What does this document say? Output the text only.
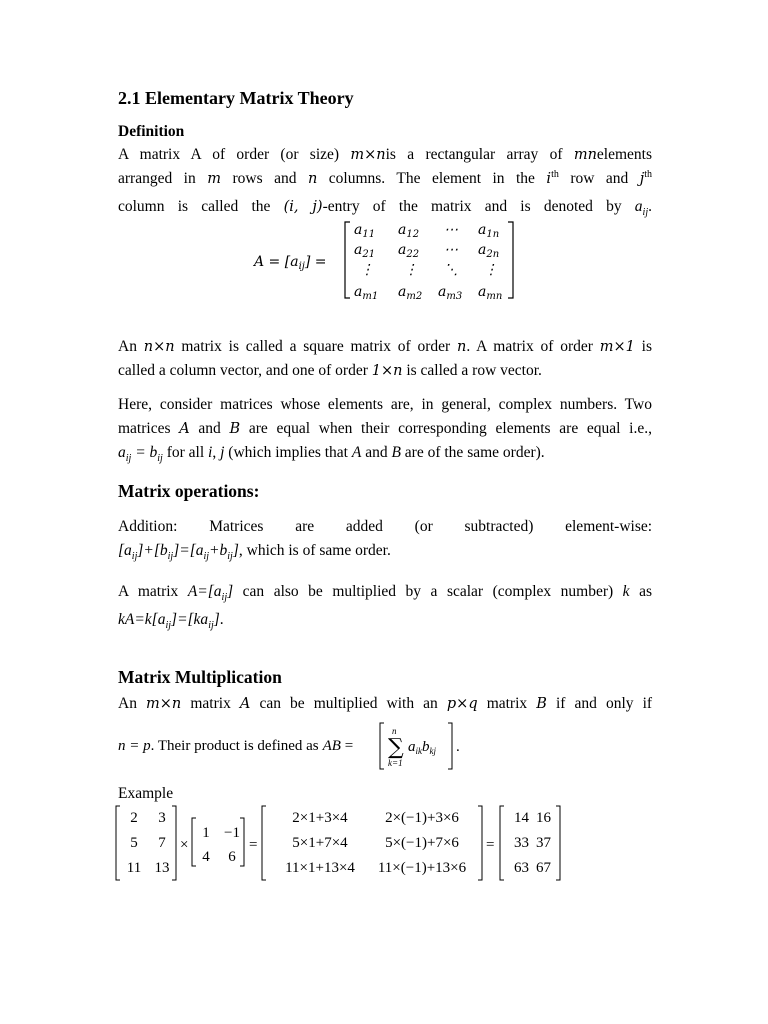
2.1 Elementary Matrix Theory
Definition
A matrix A of order (or size) m×nis a rectangular array of mnelements
arranged in m rows and n columns. The element in the $i^{th}$ row and $j^{th}$
column is called the (i, j)-entry of the matrix and is denoted by $a_{ij}$.
$A = [a_{ij}]$ =
$a_{11}$ $a_{12}$ ⋯ $a_{1n}$
$a_{21}$ $a_{22}$ ⋯ $a_{2n}$
⋮ ⋮ ⋱ ⋮
$a_{m1}$ $a_{m2}$ $a_{m3}$ $a_{mn}$
An n×n matrix is called a square matrix of order n. A matrix of order m×1 is
called a column vector, and one of order 1×n is called a row vector.
Here, consider matrices whose elements are, in general, complex numbers. Two
matrices A and B are equal when their corresponding elements are equal i.e.,
$a_{ij} = b_{ij}$ for all i, j (which implies that A and B are of the same order).
Matrix operations:
Addition: Matrices are added (or subtracted) element-wise:
$[a_{ij}]+[b_{ij}]=[a_{ij}+b_{ij}]$, which is of same order.
A matrix $A=[a_{ij}]$ can also be multiplied by a scalar (complex number) k as
$kA=k[a_{ij}]=[ka_{ij}]$.
Matrix Multiplication
An m×n matrix A can be multiplied with an p×q matrix B if and only if
n = p. Their product is defined as AB =
n
∑
k=1
$a_{ik}b_{kj}$ .
Example
2 3
5 7
11 13
×
1 −1
4 6
=
2×1+3×4 2×(−1)+3×6
5×1+7×4 5×(−1)+7×6
11×1+13×4 11×(−1)+13×6
=
14 16
33 37
63 67
